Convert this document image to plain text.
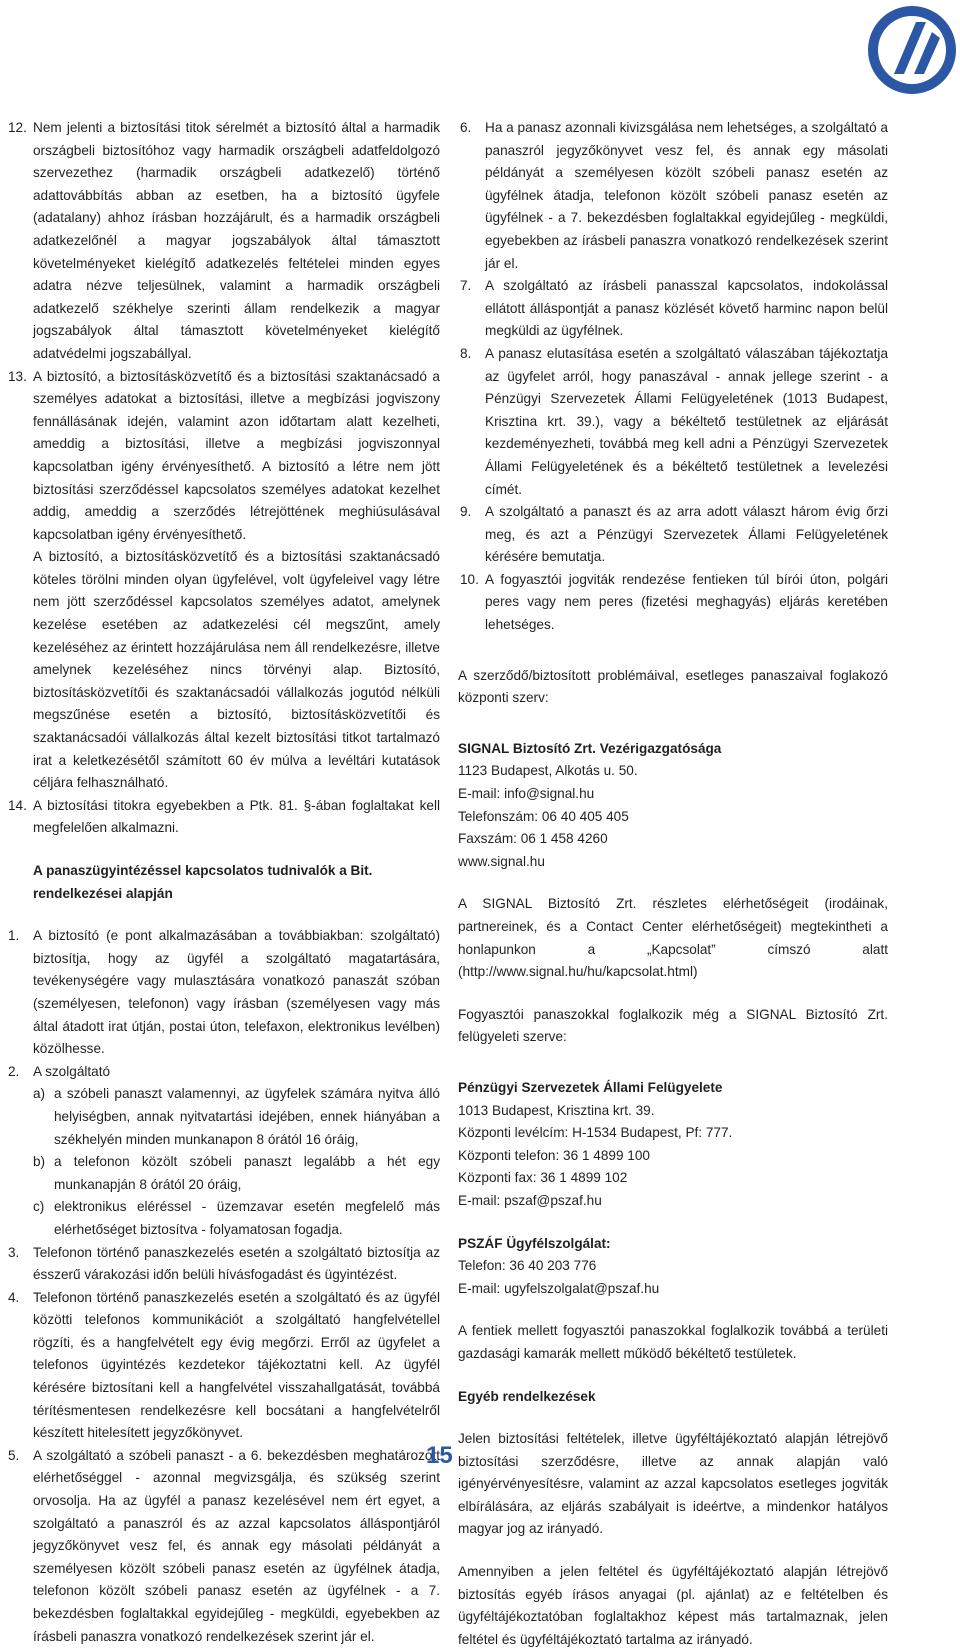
12. Nem jelenti a biztosítási titok sérelmét a biztosító által a harmadik országbeli biztosítóhoz vagy harmadik országbeli adatfeldolgozó szervezethez (harmadik országbeli adatkezelő) történő adattovábbítás abban az esetben, ha a biztosító ügyfele (adatalany) ahhoz írásban hozzájárult, és a harmadik országbeli adatkezelőnél a magyar jogszabályok által támasztott követelményeket kielégítő adatkezelés feltételei minden egyes adatra nézve teljesülnek, valamint a harmadik országbeli adatkezelő székhelye szerinti állam rendelkezik a magyar jogszabályok által támasztott követelményeket kielégítő adatvédelmi jogszabállyal.
13. A biztosító, a biztosításközvetítő és a biztosítási szaktanácsadó a személyes adatokat a biztosítási, illetve a megbízási jogviszony fennállásának idején, valamint azon időtartam alatt kezelheti, ameddig a biztosítási, illetve a megbízási jogviszonnyal kapcsolatban igény érvényesíthető. A biztosító a létre nem jött biztosítási szerződéssel kapcsolatos személyes adatokat kezelhet addig, ameddig a szerződés létrejöttének meghiúsulásával kapcsolatban igény érvényesíthető.
A biztosító, a biztosításközvetítő és a biztosítási szaktanácsadó köteles törölni minden olyan ügyfelével, volt ügyfeleivel vagy létre nem jött szerződéssel kapcsolatos személyes adatot, amelynek kezelése esetében az adatkezelési cél megszűnt, amely kezeléséhez az érintett hozzájárulása nem áll rendelkezésre, illetve amelynek kezeléséhez nincs törvényi alap. Biztosító, biztosításközvetítői és szaktanácsadói vállalkozás jogutód nélküli megszűnése esetén a biztosító, biztosításközvetítői és szaktanácsadói vállalkozás által kezelt biztosítási titkot tartalmazó irat a keletkezésétől számított 60 év múlva a levéltári kutatások céljára felhasználható.
14. A biztosítási titokra egyebekben a Ptk. 81. §-ában foglaltakat kell megfelelően alkalmazni.
A panaszügyintézéssel kapcsolatos tudnivalók a Bit. rendelkezései alapján
1. A biztosító (e pont alkalmazásában a továbbiakban: szolgáltató) biztosítja, hogy az ügyfél a szolgáltató magatartására, tevékenységére vagy mulasztására vonatkozó panaszát szóban (személyesen, telefonon) vagy írásban (személyesen vagy más által átadott irat útján, postai úton, telefaxon, elektronikus levélben) közölhesse.
2. A szolgáltató
a) a szóbeli panaszt valamennyi, az ügyfelek számára nyitva álló helyiségben, annak nyitvatartási idejében, ennek hiányában a székhelyén minden munkanapon 8 órától 16 óráig,
b) a telefonon közölt szóbeli panaszt legalább a hét egy munkanapján 8 órától 20 óráig,
c) elektronikus eléréssel - üzemzavar esetén megfelelő más elérhetőséget biztosítva - folyamatosan fogadja.
3. Telefonon történő panaszkezelés esetén a szolgáltató biztosítja az ésszerű várakozási időn belüli hívásfogadást és ügyintézést.
4. Telefonon történő panaszkezelés esetén a szolgáltató és az ügyfél közötti telefonos kommunikációt a szolgáltató hangfelvétellel rögzíti, és a hangfelvételt egy évig megőrzi. Erről az ügyfelet a telefonos ügyintézés kezdetekor tájékoztatni kell. Az ügyfél kérésére biztosítani kell a hangfelvétel visszahallgatását, továbbá térítésmentesen rendelkezésre kell bocsátani a hangfelvételről készített hitelesített jegyzőkönyvet.
5. A szolgáltató a szóbeli panaszt - a 6. bekezdésben meghatározott elérhetőséggel - azonnal megvizsgálja, és szükség szerint orvosolja. Ha az ügyfél a panasz kezelésével nem ért egyet, a szolgáltató a panaszról és az azzal kapcsolatos álláspontjáról jegyzőkönyvet vesz fel, és annak egy másolati példányát a személyesen közölt szóbeli panasz esetén az ügyfélnek átadja, telefonon közölt szóbeli panasz esetén az ügyfélnek - a 7. bekezdésben foglaltakkal egyidejűleg - megküldi, egyebekben az írásbeli panaszra vonatkozó rendelkezések szerint jár el.
6. Ha a panasz azonnali kivizsgálása nem lehetséges, a szolgáltató a panaszról jegyzőkönyvet vesz fel, és annak egy másolati példányát a személyesen közölt szóbeli panasz esetén az ügyfélnek átadja, telefonon közölt szóbeli panasz esetén az ügyfélnek - a 7. bekezdésben foglaltakkal egyidejűleg - megküldi, egyebekben az írásbeli panaszra vonatkozó rendelkezések szerint jár el.
7. A szolgáltató az írásbeli panasszal kapcsolatos, indokolással ellátott álláspontját a panasz közlését követő harminc napon belül megküldi az ügyfélnek.
8. A panasz elutasítása esetén a szolgáltató válaszában tájékoztatja az ügyfelet arról, hogy panaszával - annak jellege szerint - a Pénzügyi Szervezetek Állami Felügyeletének (1013 Budapest, Krisztina krt. 39.), vagy a békéltető testületnek az eljárását kezdeményezheti, továbbá meg kell adni a Pénzügyi Szervezetek Állami Felügyeletének és a békéltető testületnek a levelezési címét.
9. A szolgáltató a panaszt és az arra adott választ három évig őrzi meg, és azt a Pénzügyi Szervezetek Állami Felügyeletének kérésére bemutatja.
10. A fogyasztói jogviták rendezése fentieken túl bírói úton, polgári peres vagy nem peres (fizetési meghagyás) eljárás keretében lehetséges.

A szerződő/biztosított problémáival, esetleges panaszaival foglakozó központi szerv:

SIGNAL Biztosító Zrt. Vezérigazgatósága
1123 Budapest, Alkotás u. 50.
E-mail: info@signal.hu
Telefonszám: 06 40 405 405
Faxszám: 06 1 458 4260
www.signal.hu

A SIGNAL Biztosító Zrt. részletes elérhetőségeit (irodáinak, partnereinek, és a Contact Center elérhetőségeit) megtekintheti a honlapunkon a „Kapcsolat” címszó alatt (http://www.signal.hu/hu/kapcsolat.html)

Fogyasztói panaszokkal foglalkozik még a SIGNAL Biztosító Zrt. felügyeleti szerve:

Pénzügyi Szervezetek Állami Felügyelete
1013 Budapest, Krisztina krt. 39.
Központi levélcím: H-1534 Budapest, Pf: 777.
Központi telefon: 36 1 4899 100
Központi fax: 36 1 4899 102
E-mail: pszaf@pszaf.hu
PSZÁF Ügyfélszolgálat:
Telefon: 36 40 203 776
E-mail: ugyfelszolgalat@pszaf.hu

A fentiek mellett fogyasztói panaszokkal foglalkozik továbbá a területi gazdasági kamarák mellett működő békéltető testületek.

Egyéb rendelkezések

Jelen biztosítási feltételek, illetve ügyféltájékoztató alapján létrejövő biztosítási szerződésre, illetve az annak alapján való igényérvényesítésre, valamint az azzal kapcsolatos esetleges jogviták elbírálására, az eljárás szabályait is ideértve, a mindenkor hatályos magyar jog az irányadó.

Amennyiben a jelen feltétel és ügyféltájékoztató alapján létrejövő biztosítás egyéb írásos anyagai (pl. ajánlat) az e feltételben és ügyféltájékoztatóban foglaltakhoz képest más tartalmaznak, jelen feltétel és ügyféltájékoztató tartalma az irányadó.

15
